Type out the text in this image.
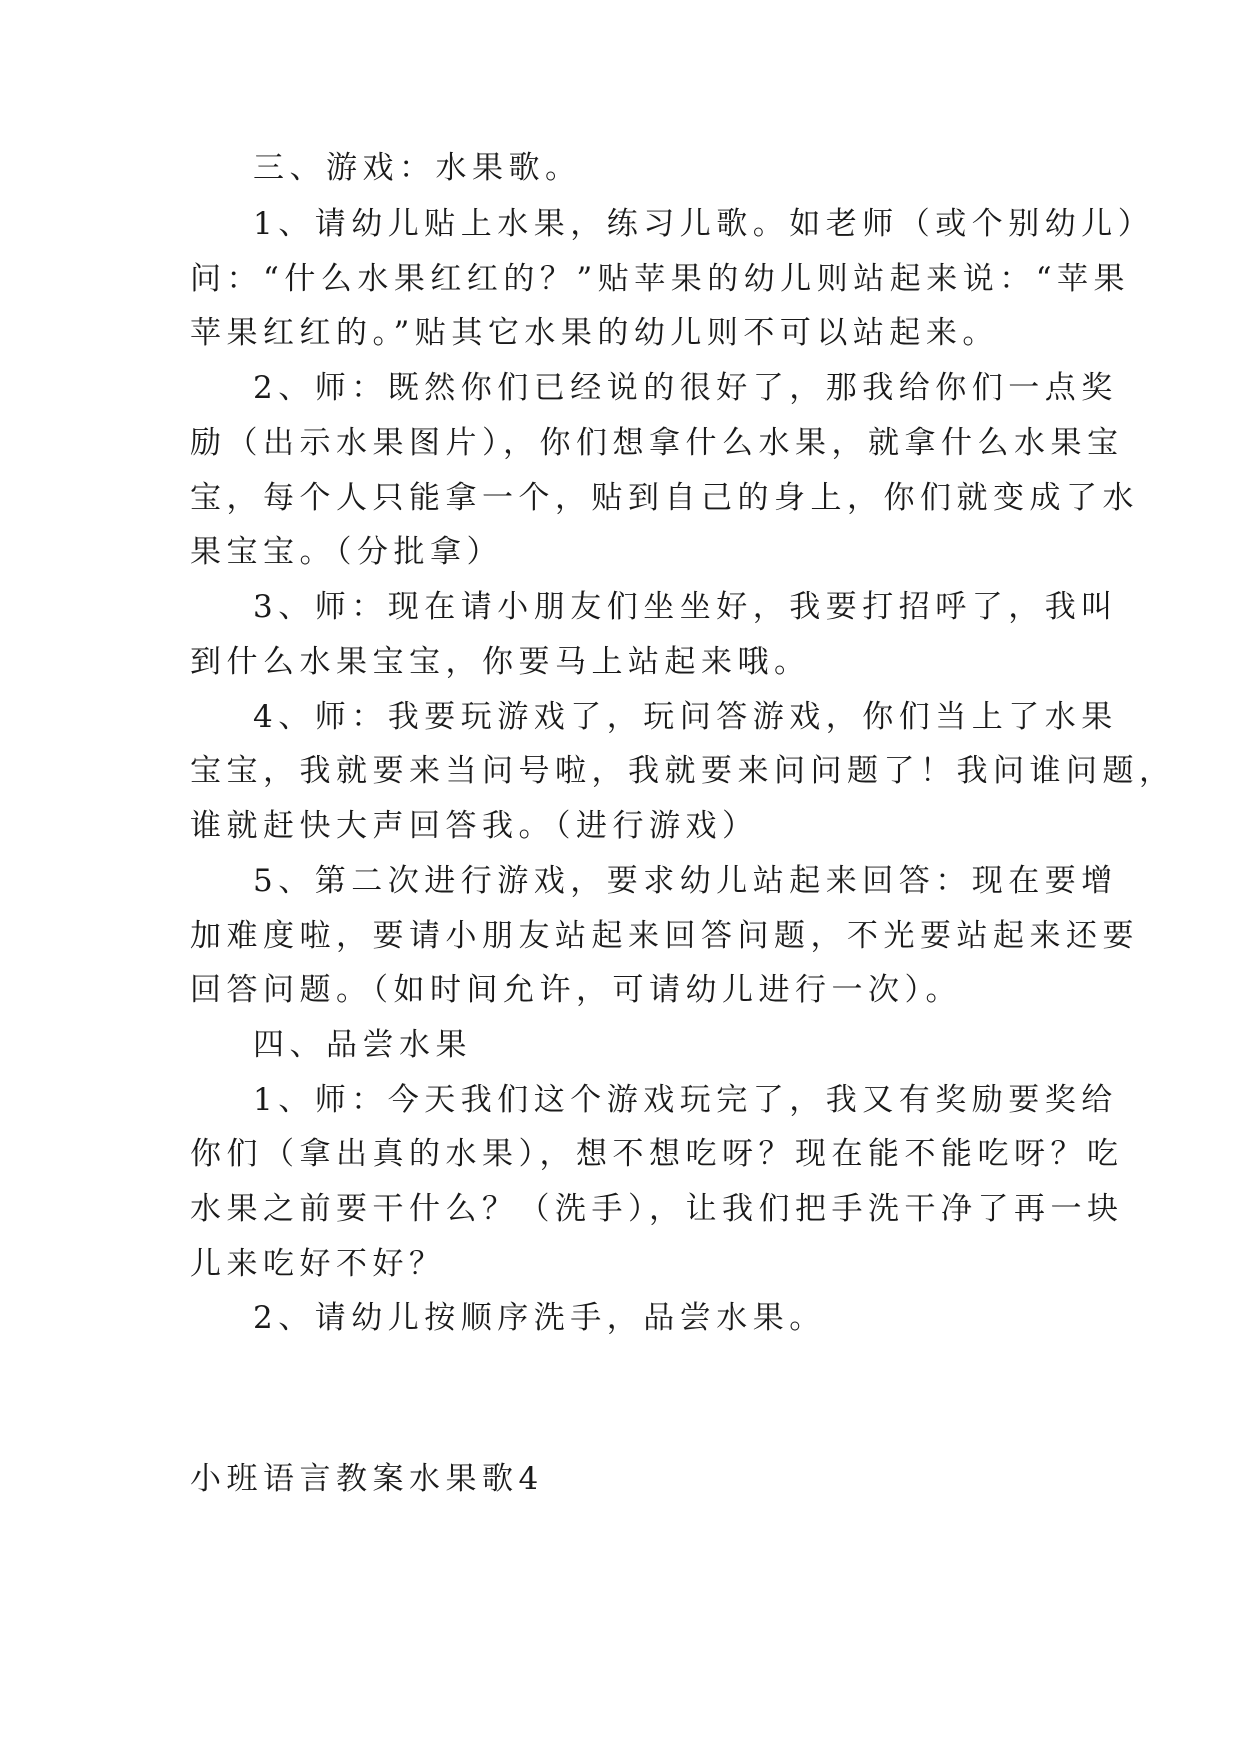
三、游戏：水果歌。
1、请幼儿贴上水果，练习儿歌。如老师（或个别幼儿）
问：“什么水果红红的？”贴苹果的幼儿则站起来说：“苹果
苹果红红的。”贴其它水果的幼儿则不可以站起来。
2、师：既然你们已经说的很好了，那我给你们一点奖
励（出示水果图片），你们想拿什么水果，就拿什么水果宝
宝，每个人只能拿一个，贴到自己的身上，你们就变成了水
果宝宝。（分批拿）
3、师：现在请小朋友们坐坐好，我要打招呼了，我叫
到什么水果宝宝，你要马上站起来哦。
4、师：我要玩游戏了，玩问答游戏，你们当上了水果
宝宝，我就要来当问号啦，我就要来问问题了！我问谁问题，
谁就赶快大声回答我。（进行游戏）
5、第二次进行游戏，要求幼儿站起来回答：现在要增
加难度啦，要请小朋友站起来回答问题，不光要站起来还要
回答问题。（如时间允许，可请幼儿进行一次）。
四、品尝水果
1、师：今天我们这个游戏玩完了，我又有奖励要奖给
你们（拿出真的水果），想不想吃呀？现在能不能吃呀？吃
水果之前要干什么？（洗手），让我们把手洗干净了再一块
儿来吃好不好？
2、请幼儿按顺序洗手，品尝水果。
小班语言教案水果歌4
